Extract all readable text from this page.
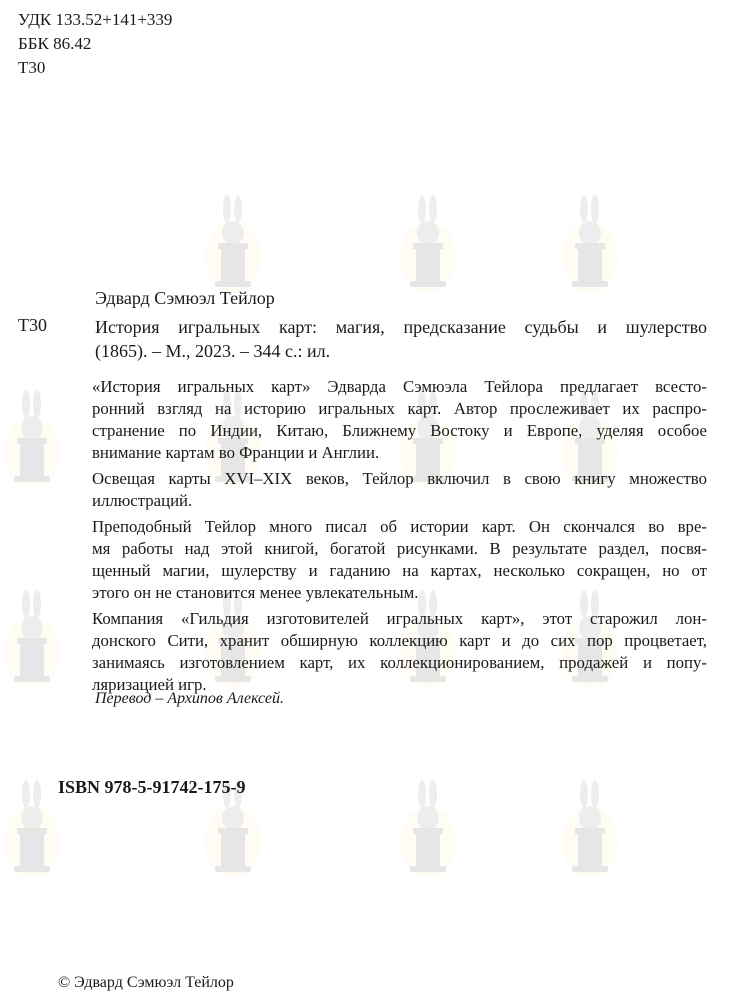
УДК 133.52+141+339
ББК 86.42
Т30
Эдвард Сэмюэл Тейлор
Т30	История игральных карт: магия, предсказание судьбы и шулерство
(1865). – М., 2023. – 344 с.: ил.
«История игральных карт» Эдварда Сэмюэла Тейлора предлагает всесто-
ронний взгляд на историю игральных карт. Автор прослеживает их распро-
странение по Индии, Китаю, Ближнему Востоку и Европе, уделяя особое
внимание картам во Франции и Англии.
Освещая карты XVI–XIX веков, Тейлор включил в свою книгу множество
иллюстраций.
Преподобный Тейлор много писал об истории карт. Он скончался во вре-
мя работы над этой книгой, богатой рисунками. В результате раздел, посвя-
щенный магии, шулерству и гаданию на картах, несколько сокращен, но от
этого он не становится менее увлекательным.
Компания «Гильдия изготовителей игральных карт», этот старожил лон-
донского Сити, хранит обширную коллекцию карт и до сих пор процветает,
занимаясь изготовлением карт, их коллекционированием, продажей и попу-
ляризацией игр.
Перевод – Архипов Алексей.
ISBN 978-5-91742-175-9
© Эдвард Сэмюэл Тейлор
